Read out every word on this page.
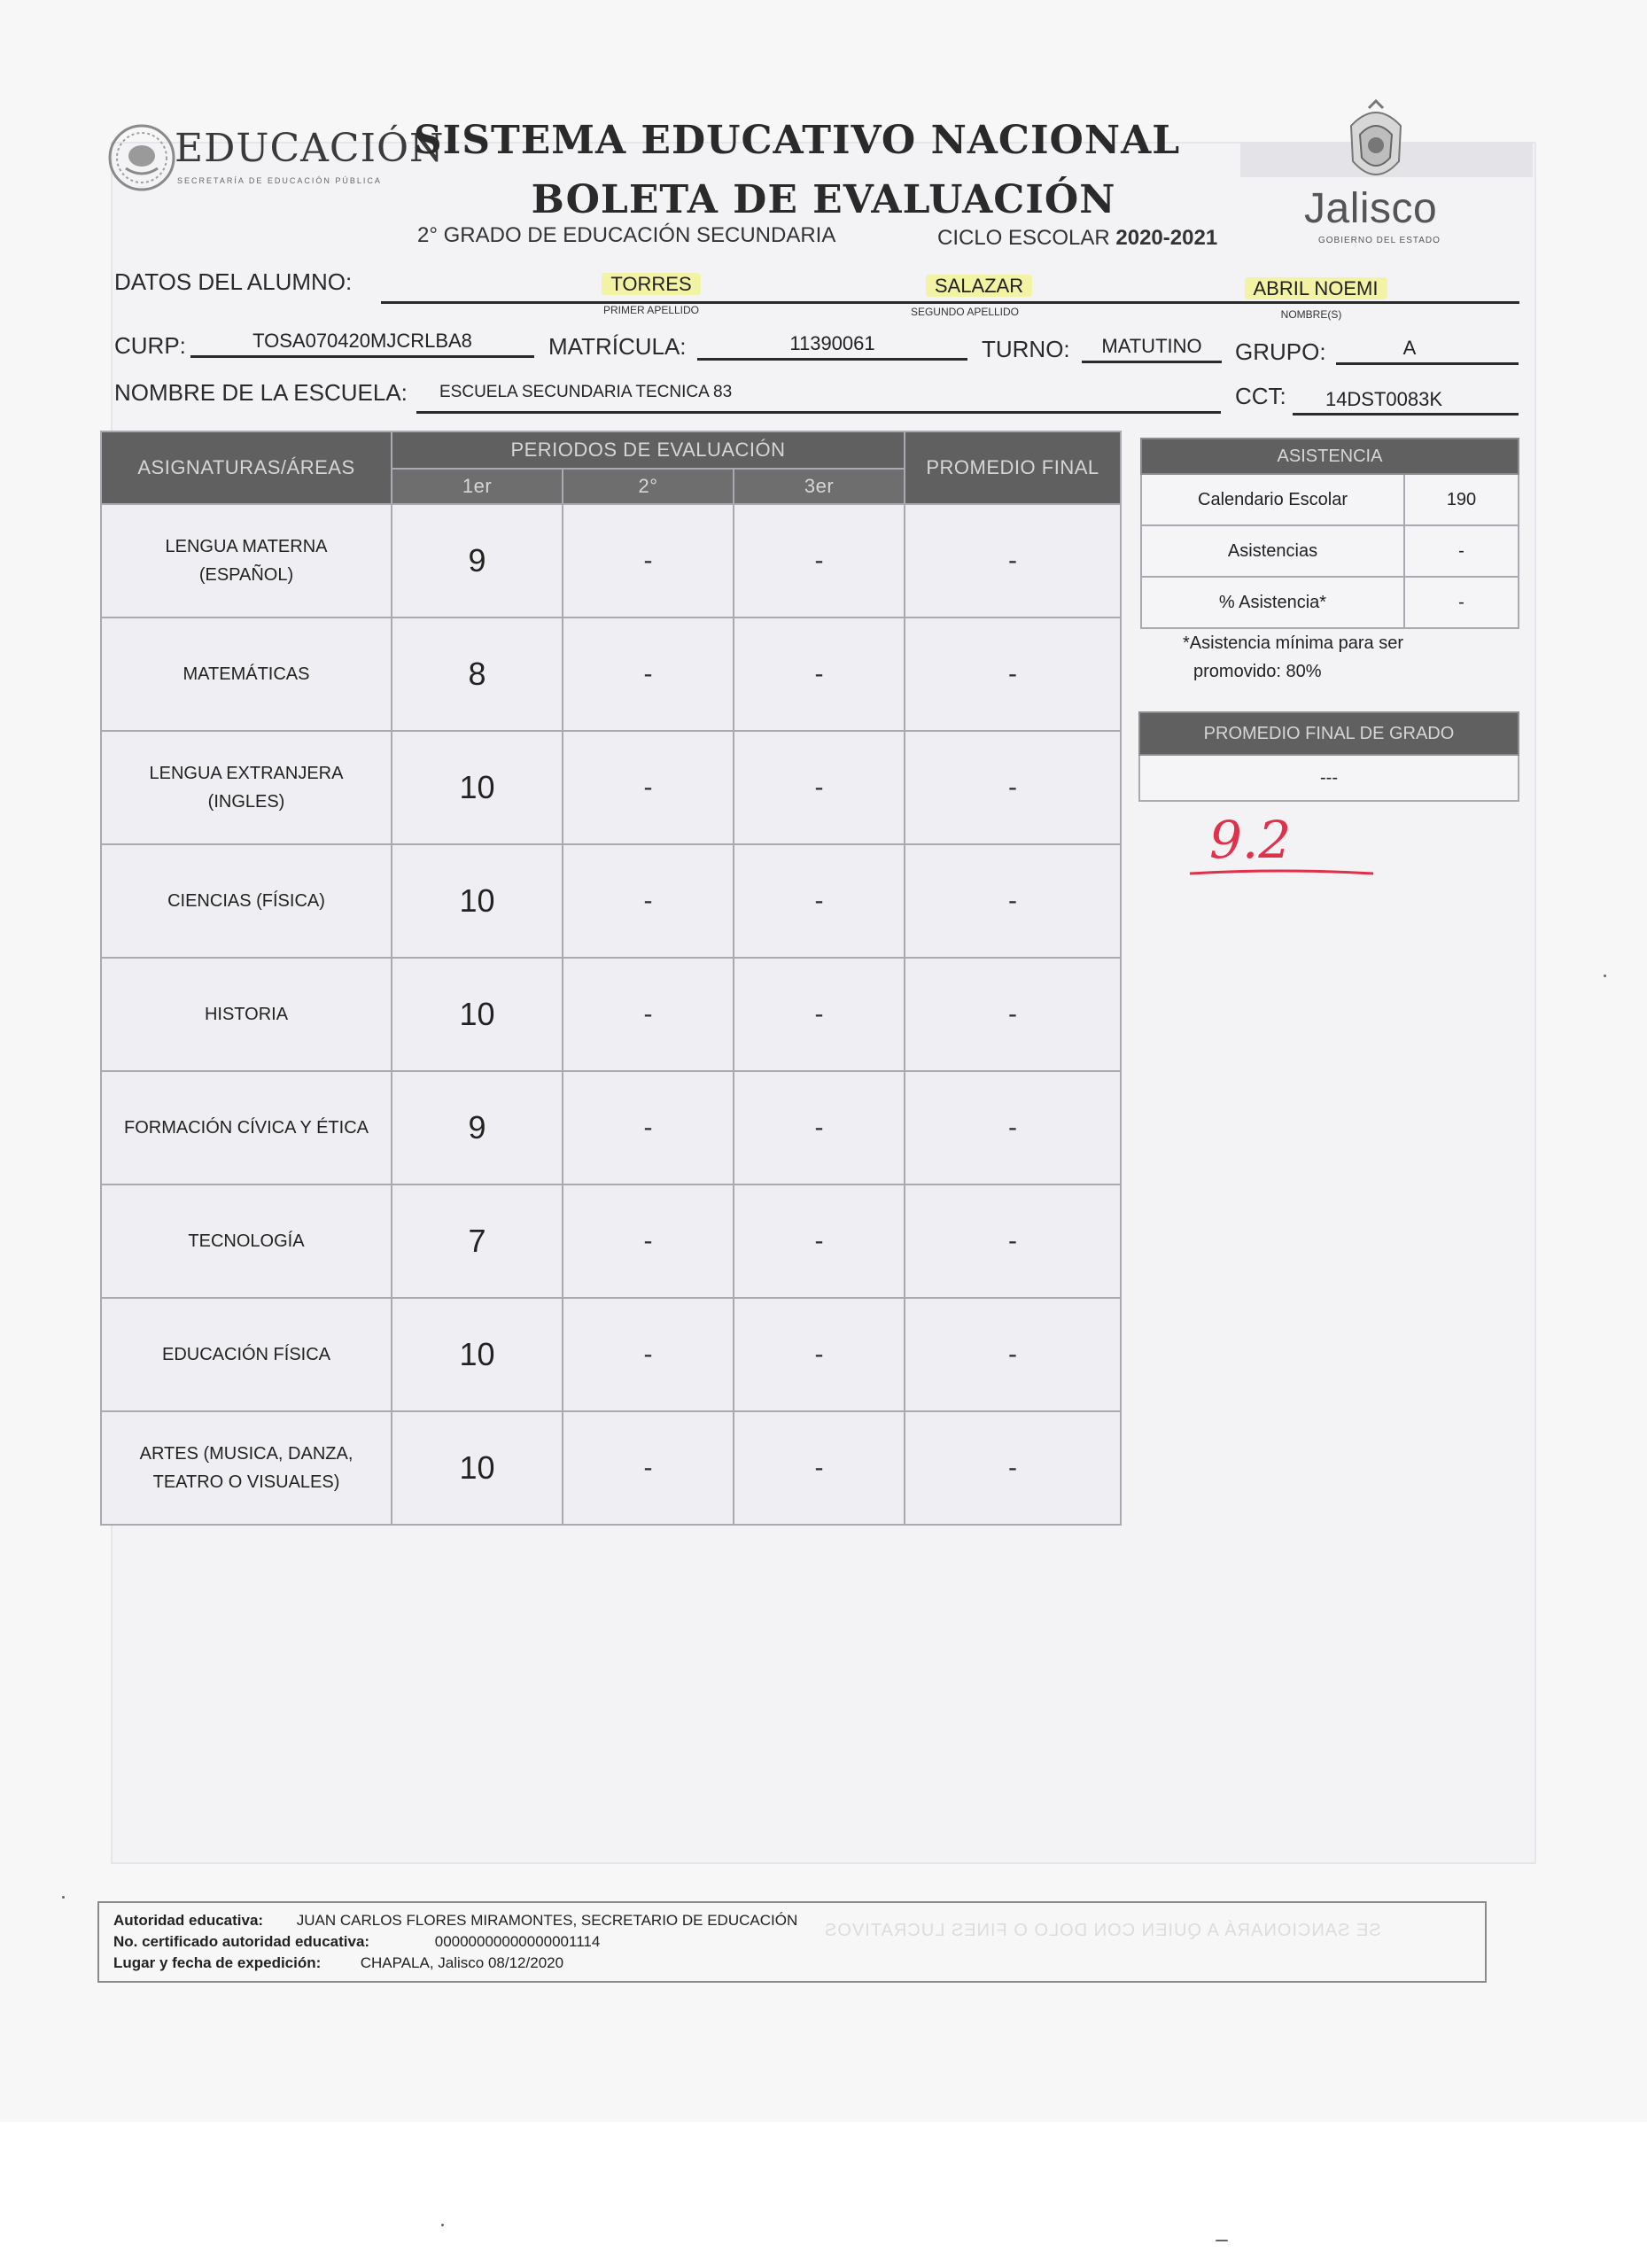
EDUCACIÓN
SECRETARÍA DE EDUCACIÓN PÚBLICA
SISTEMA EDUCATIVO NACIONAL
BOLETA DE EVALUACIÓN
2° GRADO DE EDUCACIÓN SECUNDARIA	CICLO ESCOLAR 2020-2021
Jalisco
GOBIERNO DEL ESTADO
DATOS DEL ALUMNO:	TORRES	SALAZAR	ABRIL NOEMI
PRIMER APELLIDO	SEGUNDO APELLIDO	NOMBRE(S)
CURP:	TOSA070420MJCRLBA8	MATRÍCULA:	11390061	TURNO:	MATUTINO	GRUPO:	A
NOMBRE DE LA ESCUELA: ESCUELA SECUNDARIA TECNICA 83	CCT:	14DST0083K
ASIGNATURAS/ÁREAS	PERIODOS DE EVALUACIÓN			PROMEDIO FINAL
	1er	2°	3er	

LENGUA MATERNA (ESPAÑOL)	9	-	-	-

MATEMÁTICAS	8	-	-	-

LENGUA EXTRANJERA (INGLES)	10	-	-	-

CIENCIAS (FÍSICA)	10	-	-	-

HISTORIA	10	-	-	-

FORMACIÓN CÍVICA Y ÉTICA	9	-	-	-

TECNOLOGÍA	7	-	-	-

EDUCACIÓN FÍSICA	10	-	-	-

ARTES (MUSICA, DANZA, TEATRO O VISUALES)	10	-	-	-
ASISTENCIA	
Calendario Escolar	190
Asistencias	-
% Asistencia*	-
*Asistencia mínima para ser
promovido: 80%
PROMEDIO FINAL DE GRADO
---
9.2
SE SANCIONARÁ A QUIEN CON DOLO O FINES LUCRATIVOS
Autoridad educativa: JUAN CARLOS FLORES MIRAMONTES, SECRETARIO DE EDUCACIÓN
No. certificado autoridad educativa:	00000000000000001114
Lugar y fecha de expedición:	CHAPALA, Jalisco 08/12/2020
